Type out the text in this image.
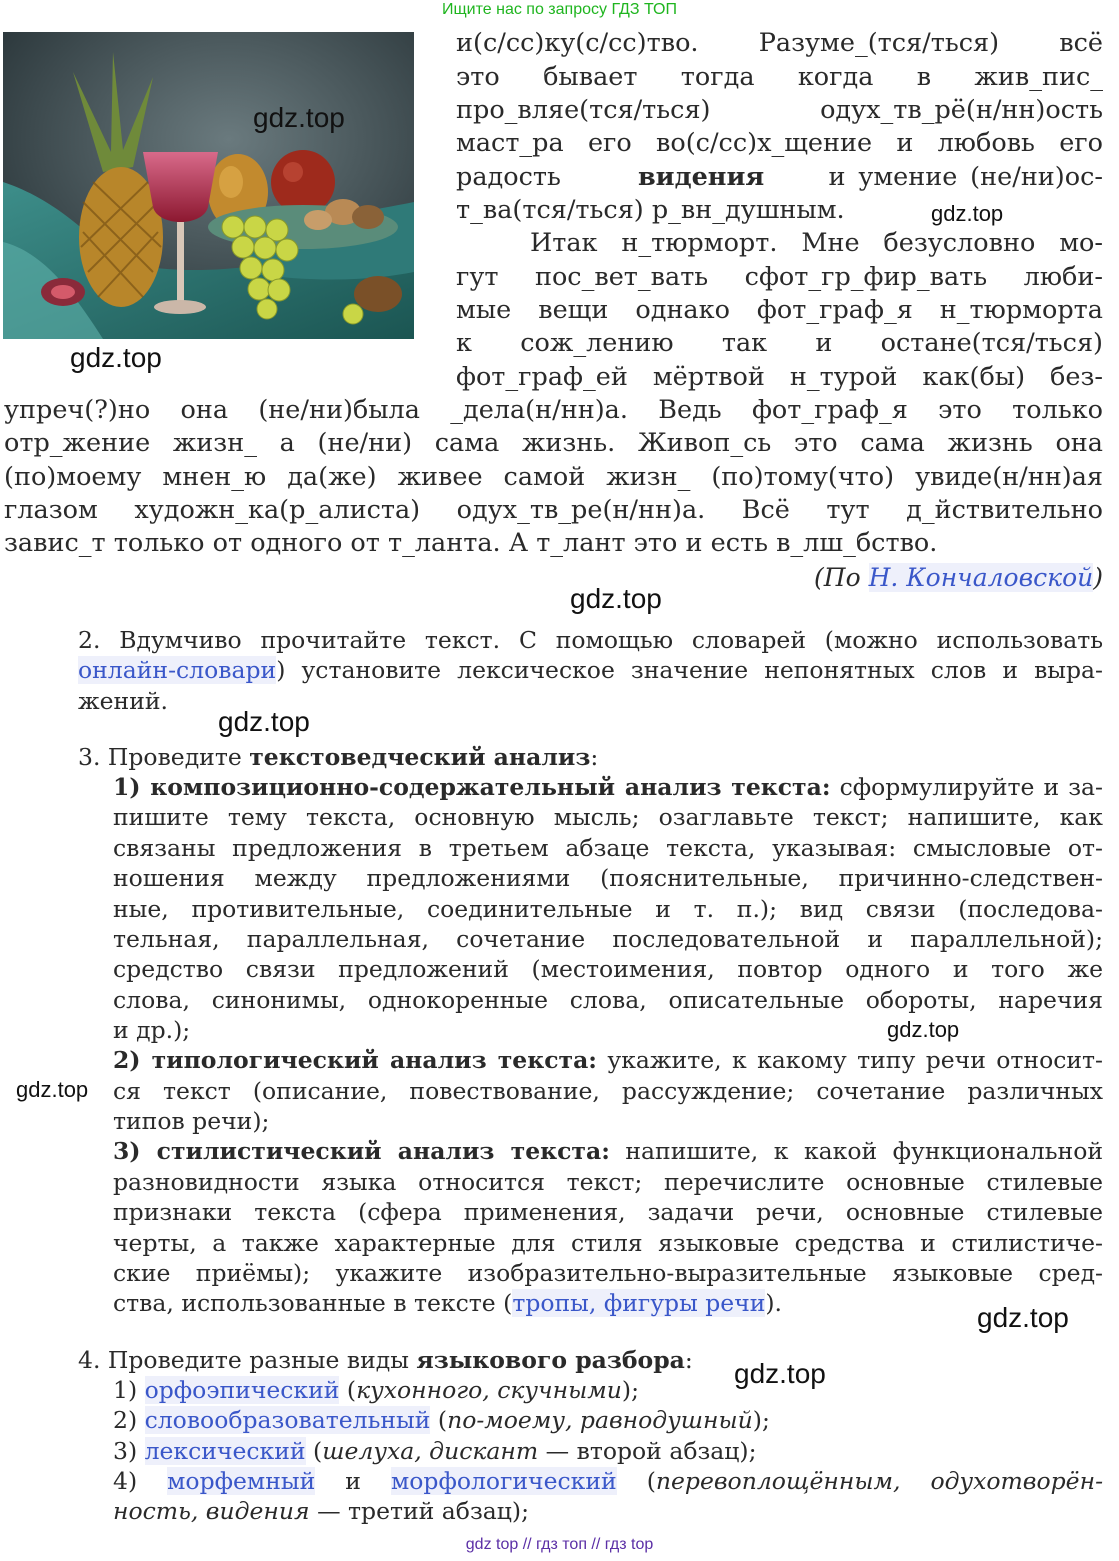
Ищите нас по запросу ГДЗ ТОП
gdz.top
gdz.top
gdz.top
gdz.top
gdz.top
gdz.top
gdz.top
gdz.top
gdz.top
и(с/сс)ку(с/сс)тво. Разуме_(тся/ться) всё
это бывает тогда когда в жив_пис_
про_вляе(тся/ться) одух_тв_рё(н/нн)ость
маст_ра его во(с/сс)х_щение и любовь его
радость	видения	и умение (не/ни)ос-
т_ва(тся/ться) р_вн_душным.
Итак н_тюрморт. Мне безусловно мо-
гут пос_вет_вать сфот_гр_фир_вать люби-
мые вещи однако фот_граф_я н_тюрморта
к сож_лению так и остане(тся/ться)
фот_граф_ей мёртвой н_турой как(бы) без-
упреч(?)но она (не/ни)была _дела(н/нн)а. Ведь фот_граф_я это только
отр_жение жизн_ а (не/ни) сама жизнь. Живоп_сь это сама жизнь она
(по)моему мнен_ю да(же) живее самой жизн_ (по)тому(что) увиде(н/нн)ая
глазом художн_ка(р_алиста) одух_тв_ре(н/нн)а. Всё тут д_йствительно
завис_т только от одного от т_ланта. А т_лант это и есть в_лш_бство.
(По Н. Кончаловской)
2. Вдумчиво прочитайте текст. С помощью словарей (можно использовать
онлайн-словари) установите лексическое значение непонятных слов и выра-
жений.
3. Проведите текстоведческий анализ:
1) композиционно-содержательный анализ текста: сформулируйте и за-
пишите тему текста, основную мысль; озаглавьте текст; напишите, как
связаны предложения в третьем абзаце текста, указывая: смысловые от-
ношения между предложениями (пояснительные, причинно-следствен-
ные, противительные, соединительные и т. п.); вид связи (последова-
тельная, параллельная, сочетание последовательной и параллельной);
средство связи предложений (местоимения, повтор одного и того же
слова, синонимы, однокоренные слова, описательные обороты, наречия
и др.);
2) типологический анализ текста: укажите, к какому типу речи относит-
ся текст (описание, повествование, рассуждение; сочетание различных
типов речи);
3) стилистический анализ текста: напишите, к какой функциональной
разновидности языка относится текст; перечислите основные стилевые
признаки текста (сфера применения, задачи речи, основные стилевые
черты, а также характерные для стиля языковые средства и стилистиче-
ские приёмы); укажите изобразительно-выразительные языковые сред-
ства, использованные в тексте (тропы, фигуры речи).
4. Проведите разные виды языкового разбора:
1) орфоэпический (кухонного, скучными);
2) словообразовательный (по-моему, равнодушный);
3) лексический (шелуха, дискант — второй абзац);
4) морфемный и морфологический (перевоплощённым, одухотворён-
ность, видения — третий абзац);
gdz top // гдз топ // гдз top
